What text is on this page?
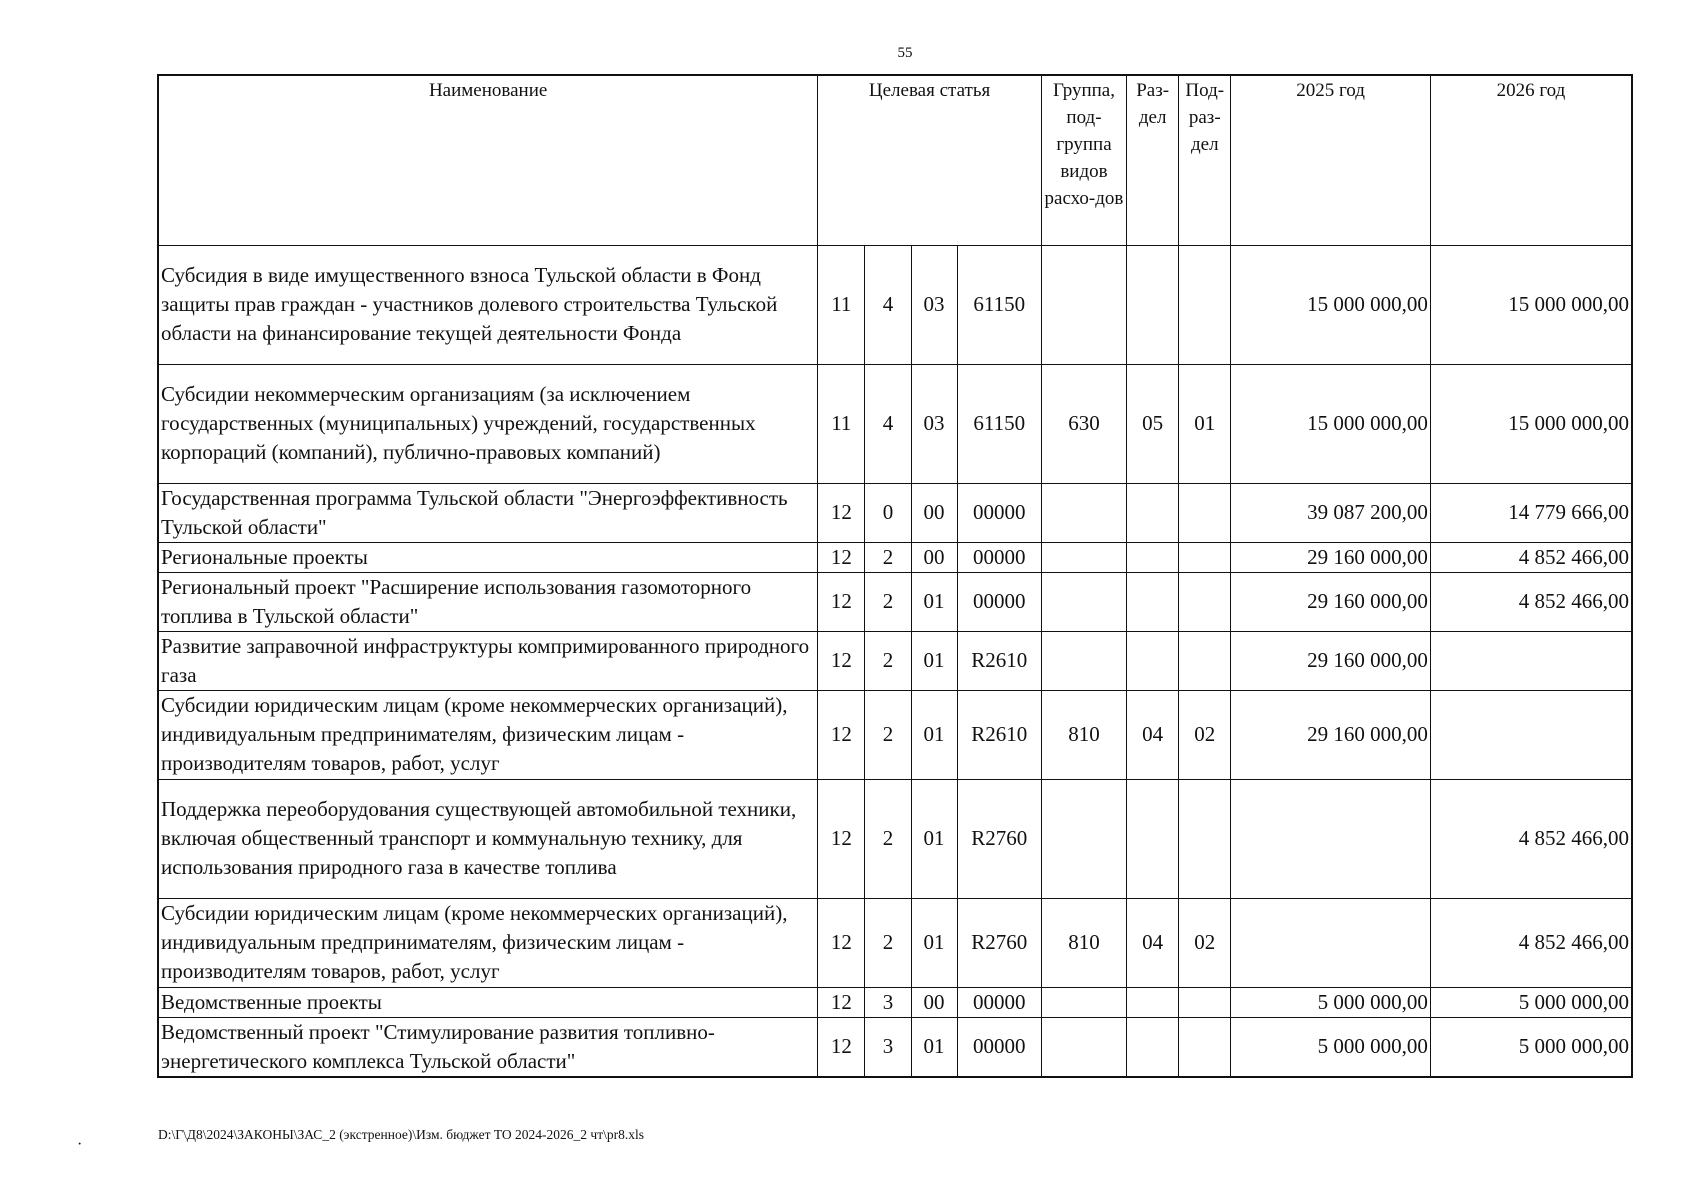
55
Наименование	Целевая статья				Группа, под-группа видов расхо-дов	Раз-дел	Под-раз-дел	2025 год	2026 год
Субсидия в виде имущественного взноса Тульской области в Фонд защиты прав граждан - участников долевого строительства Тульской области на финансирование текущей деятельности Фонда	11	4	03	61150				15 000 000,00	15 000 000,00
Субсидии некоммерческим организациям (за исключением государственных (муниципальных) учреждений, государственных корпораций (компаний), публично-правовых компаний)	11	4	03	61150	630	05	01	15 000 000,00	15 000 000,00
Государственная программа Тульской области "Энергоэффективность Тульской области"	12	0	00	00000				39 087 200,00	14 779 666,00
Региональные проекты	12	2	00	00000				29 160 000,00	4 852 466,00
Региональный проект "Расширение использования газомоторного топлива в Тульской области"	12	2	01	00000				29 160 000,00	4 852 466,00
Развитие заправочной инфраструктуры компримированного природного газа	12	2	01	R2610				29 160 000,00	
Субсидии юридическим лицам (кроме некоммерческих организаций), индивидуальным предпринимателям, физическим лицам - производителям товаров, работ, услуг	12	2	01	R2610	810	04	02	29 160 000,00	
Поддержка переоборудования существующей автомобильной техники, включая общественный транспорт и коммунальную технику, для использования природного газа в качестве топлива	12	2	01	R2760					4 852 466,00
Субсидии юридическим лицам (кроме некоммерческих организаций), индивидуальным предпринимателям, физическим лицам - производителям товаров, работ, услуг	12	2	01	R2760	810	04	02		4 852 466,00
Ведомственные проекты	12	3	00	00000				5 000 000,00	5 000 000,00
Ведомственный проект "Стимулирование развития топливно-энергетического комплекса Тульской области"	12	3	01	00000				5 000 000,00	5 000 000,00
D:\Г\Д8\2024\ЗАКОНЫ\ЗАС_2 (экстренное)\Изм. бюджет ТО 2024-2026_2 чт\pr8.xls
·
